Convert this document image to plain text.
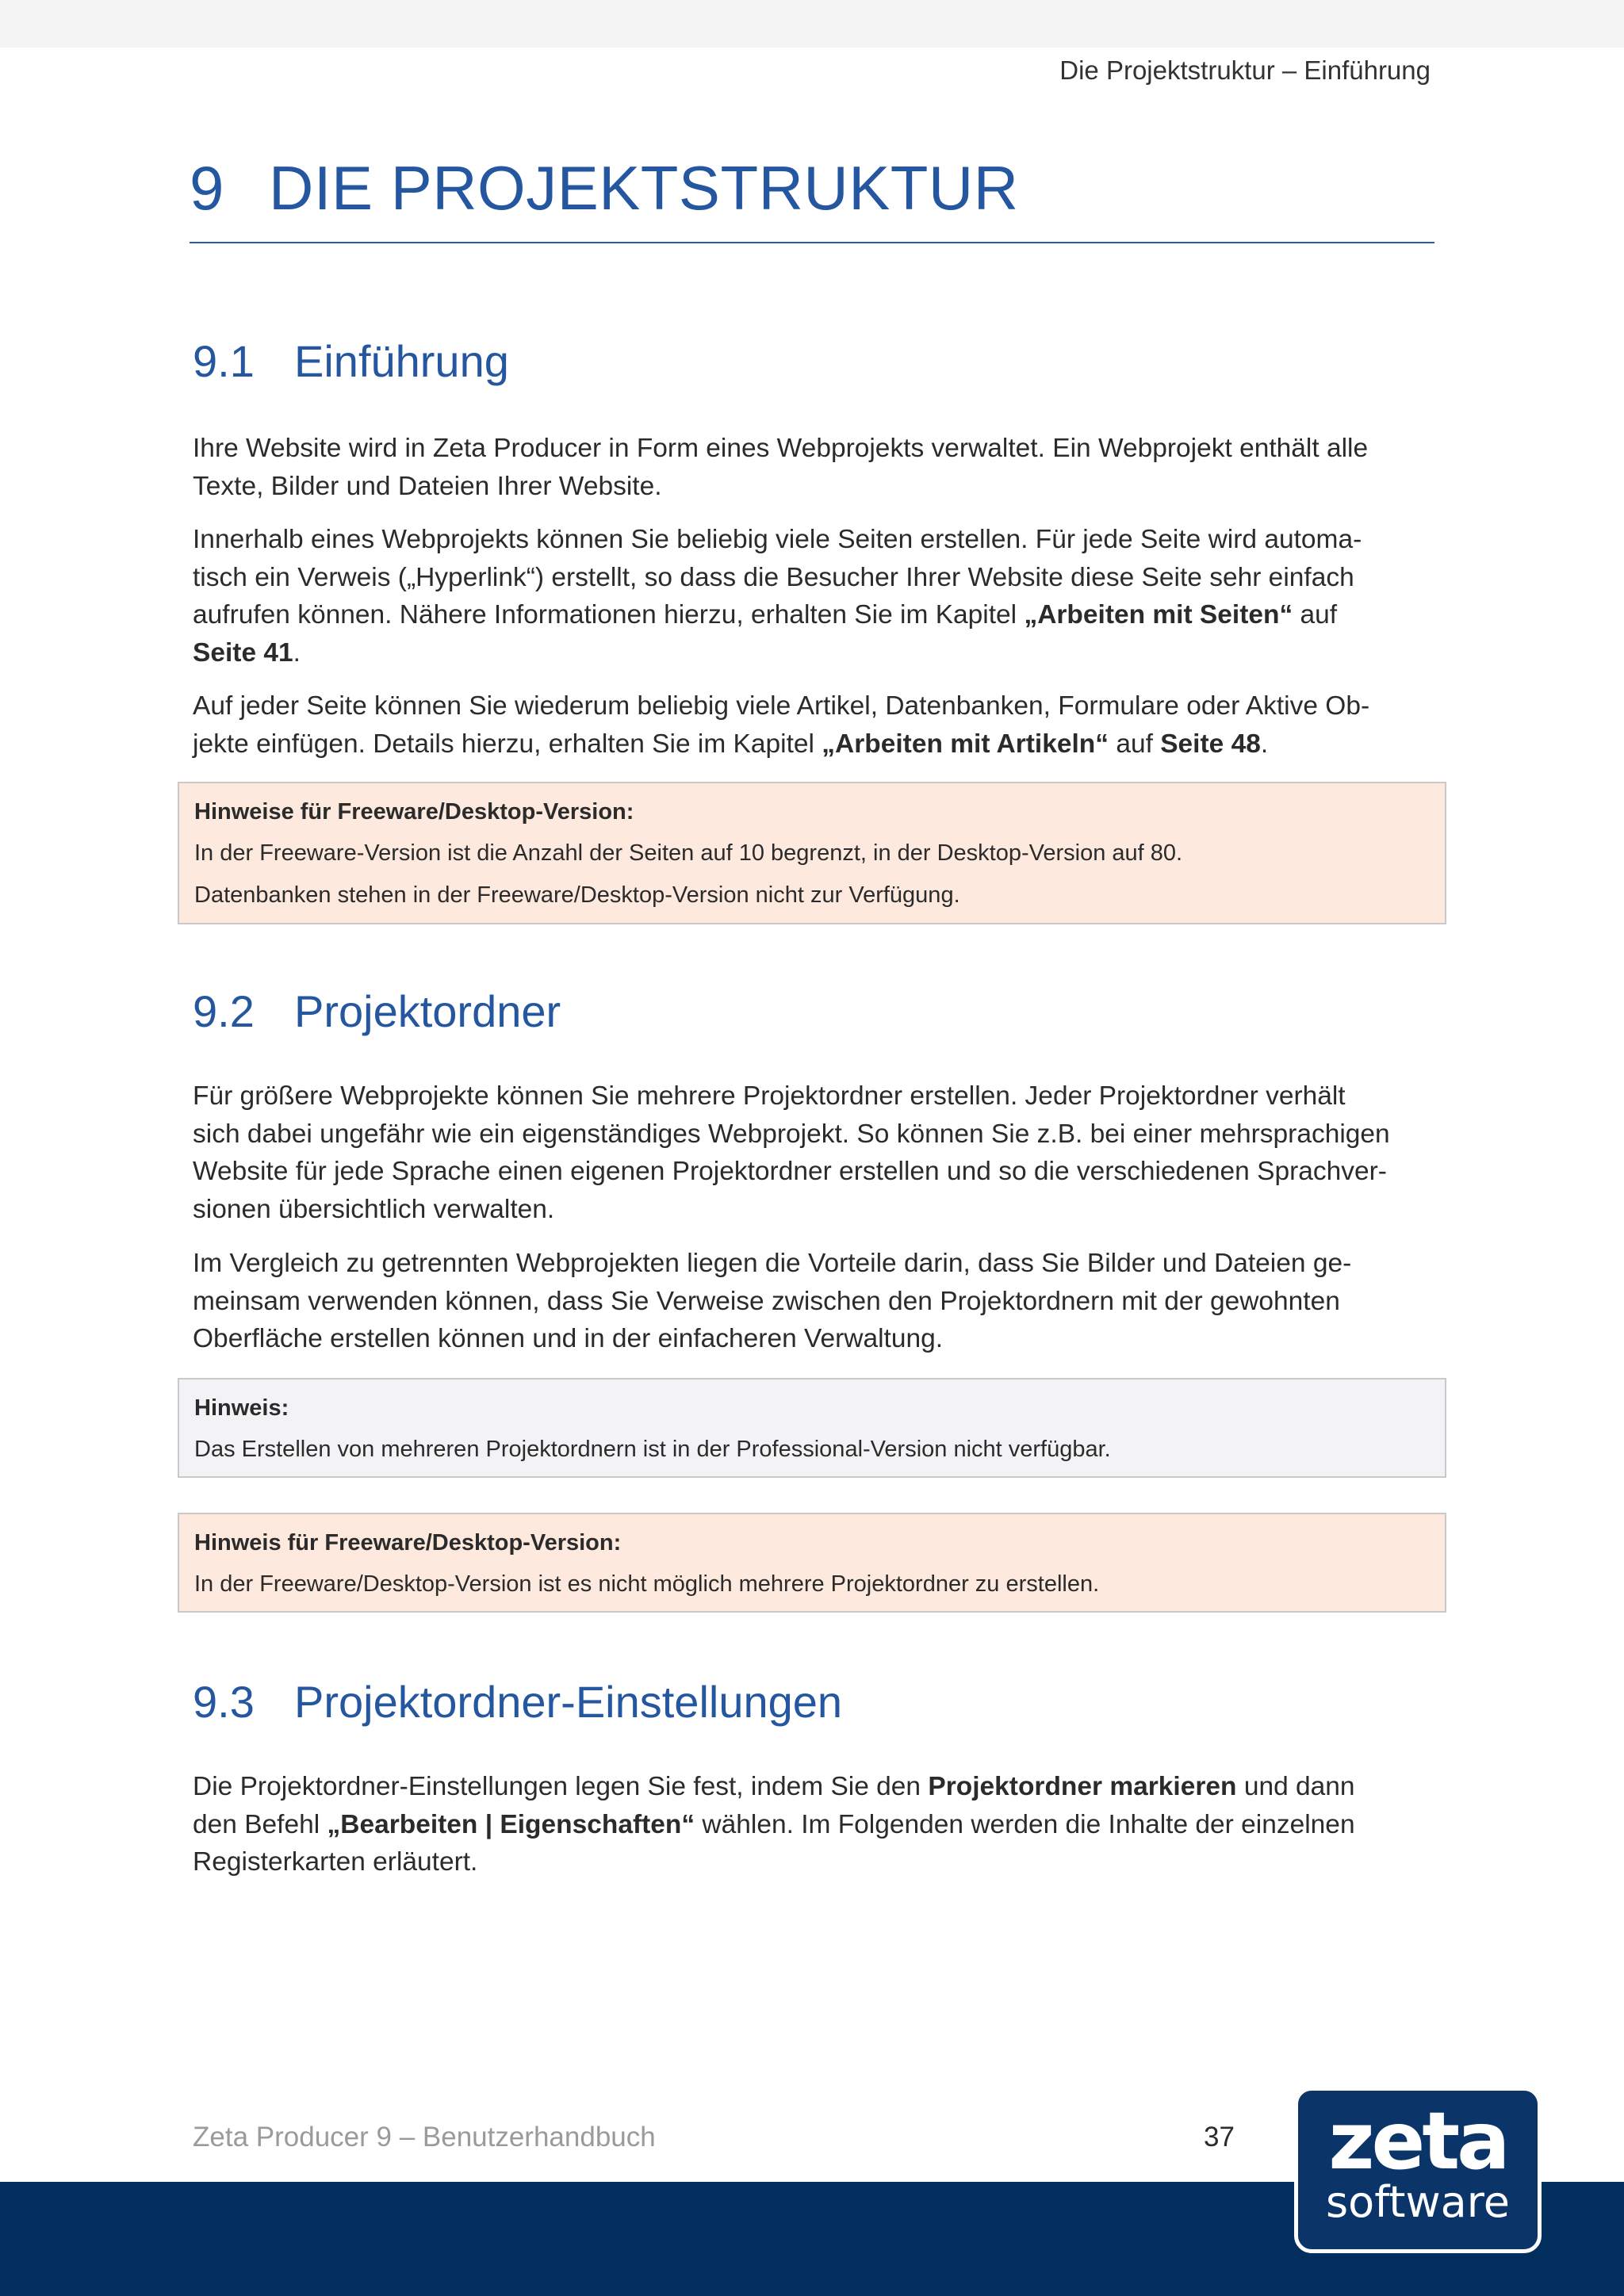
Die Projektstruktur – Einführung
9 DIE PROJEKTSTRUKTUR
9.1 Einführung

Ihre Website wird in Zeta Producer in Form eines Webprojekts verwaltet. Ein Webprojekt enthält alle
Texte, Bilder und Dateien Ihrer Website.

Innerhalb eines Webprojekts können Sie beliebig viele Seiten erstellen. Für jede Seite wird automa-
tisch ein Verweis („Hyperlink“) erstellt, so dass die Besucher Ihrer Website diese Seite sehr einfach
aufrufen können. Nähere Informationen hierzu, erhalten Sie im Kapitel „Arbeiten mit Seiten“ auf
Seite 41.

Auf jeder Seite können Sie wiederum beliebig viele Artikel, Datenbanken, Formulare oder Aktive Ob-
jekte einfügen. Details hierzu, erhalten Sie im Kapitel „Arbeiten mit Artikeln“ auf Seite 48.

Hinweise für Freeware/Desktop-Version:
In der Freeware-Version ist die Anzahl der Seiten auf 10 begrenzt, in der Desktop-Version auf 80.
Datenbanken stehen in der Freeware/Desktop-Version nicht zur Verfügung.
9.2 Projektordner

Für größere Webprojekte können Sie mehrere Projektordner erstellen. Jeder Projektordner verhält
sich dabei ungefähr wie ein eigenständiges Webprojekt. So können Sie z.B. bei einer mehrsprachigen
Website für jede Sprache einen eigenen Projektordner erstellen und so die verschiedenen Sprachver-
sionen übersichtlich verwalten.

Im Vergleich zu getrennten Webprojekten liegen die Vorteile darin, dass Sie Bilder und Dateien ge-
meinsam verwenden können, dass Sie Verweise zwischen den Projektordnern mit der gewohnten
Oberfläche erstellen können und in der einfacheren Verwaltung.

Hinweis:
Das Erstellen von mehreren Projektordnern ist in der Professional-Version nicht verfügbar.
Hinweis für Freeware/Desktop-Version:
In der Freeware/Desktop-Version ist es nicht möglich mehrere Projektordner zu erstellen.
9.3 Projektordner-Einstellungen

Die Projektordner-Einstellungen legen Sie fest, indem Sie den Projektordner markieren und dann
den Befehl „Bearbeiten | Eigenschaften“ wählen. Im Folgenden werden die Inhalte der einzelnen
Registerkarten erläutert.

Zeta Producer 9 – Benutzerhandbuch	37	zeta
software
